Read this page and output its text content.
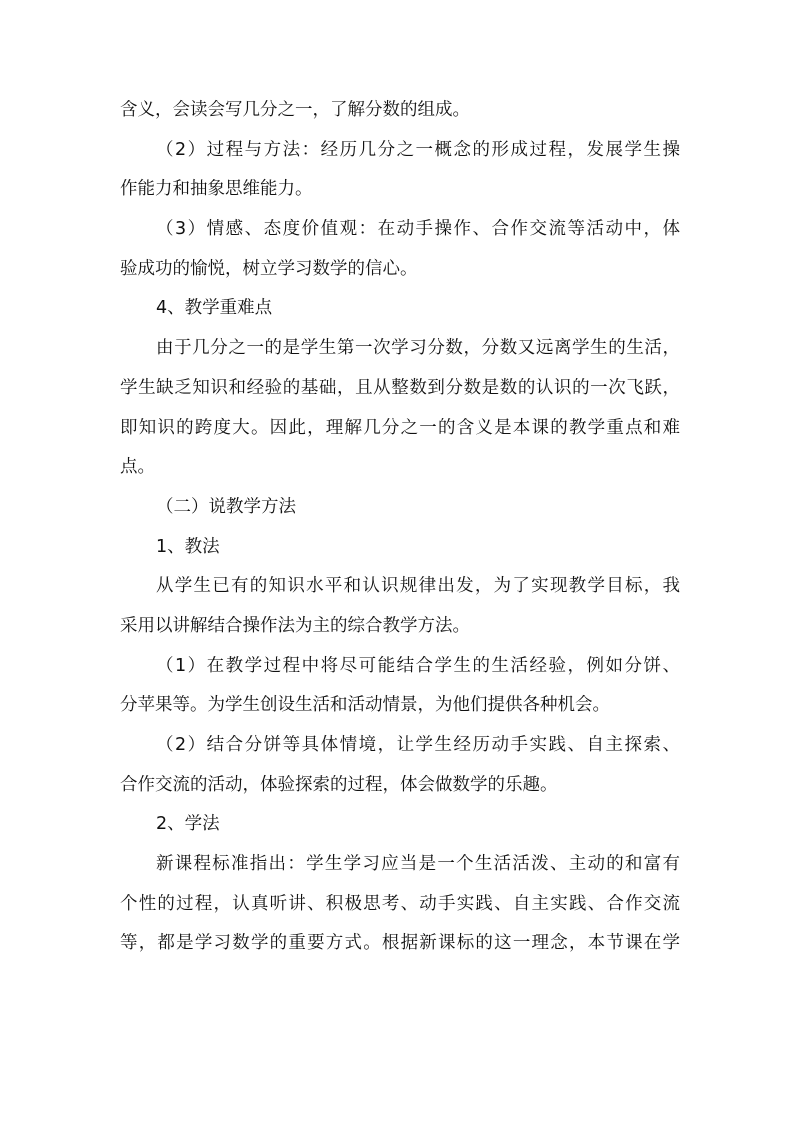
含义，会读会写几分之一，了解分数的组成。
（2）过程与方法：经历几分之一概念的形成过程，发展学生操
作能力和抽象思维能力。
（3）情感、态度价值观：在动手操作、合作交流等活动中，体
验成功的愉悦，树立学习数学的信心。
4、教学重难点
由于几分之一的是学生第一次学习分数，分数又远离学生的生活，
学生缺乏知识和经验的基础，且从整数到分数是数的认识的一次飞跃，
即知识的跨度大。因此，理解几分之一的含义是本课的教学重点和难
点。
（二）说教学方法
1、教法
从学生已有的知识水平和认识规律出发，为了实现教学目标，我
采用以讲解结合操作法为主的综合教学方法。
（1）在教学过程中将尽可能结合学生的生活经验，例如分饼、
分苹果等。为学生创设生活和活动情景，为他们提供各种机会。
（2）结合分饼等具体情境，让学生经历动手实践、自主探索、
合作交流的活动，体验探索的过程，体会做数学的乐趣。
2、学法
新课程标准指出：学生学习应当是一个生活活泼、主动的和富有
个性的过程，认真听讲、积极思考、动手实践、自主实践、合作交流
等，都是学习数学的重要方式。根据新课标的这一理念，本节课在学
